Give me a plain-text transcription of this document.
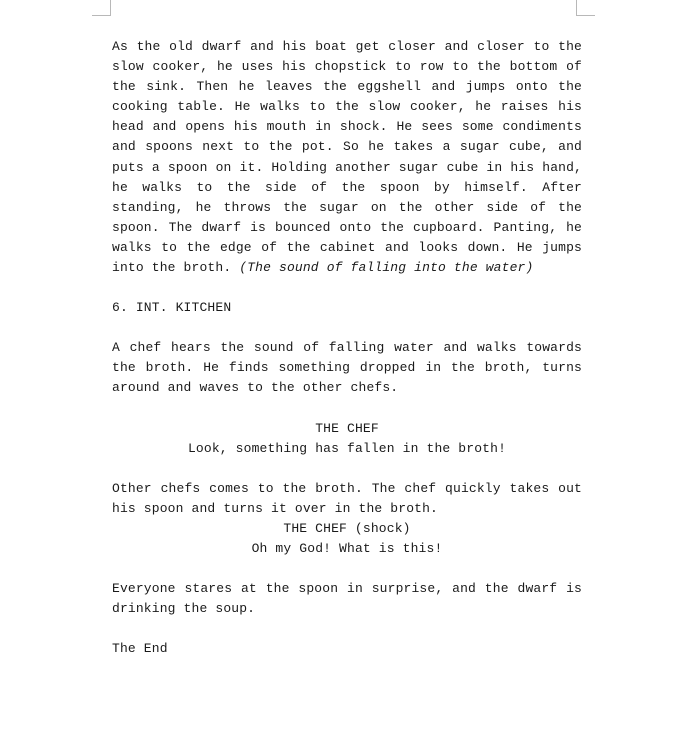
As the old dwarf and his boat get closer and closer to the slow cooker, he uses his chopstick to row to the bottom of the sink. Then he leaves the eggshell and jumps onto the cooking table. He walks to the slow cooker, he raises his head and opens his mouth in shock. He sees some condiments and spoons next to the pot. So he takes a sugar cube, and puts a spoon on it. Holding another sugar cube in his hand, he walks to the side of the spoon by himself. After standing, he throws the sugar on the other side of the spoon. The dwarf is bounced onto the cupboard. Panting, he walks to the edge of the cabinet and looks down. He jumps into the broth. (The sound of falling into the water)

6. INT. KITCHEN

A chef hears the sound of falling water and walks towards the broth. He finds something dropped in the broth, turns around and waves to the other chefs.

THE CHEF

Look, something has fallen in the broth!

Other chefs comes to the broth. The chef quickly takes out his spoon and turns it over in the broth.

THE CHEF (shock)

Oh my God! What is this!

Everyone stares at the spoon in surprise, and the dwarf is drinking the soup.

The End
